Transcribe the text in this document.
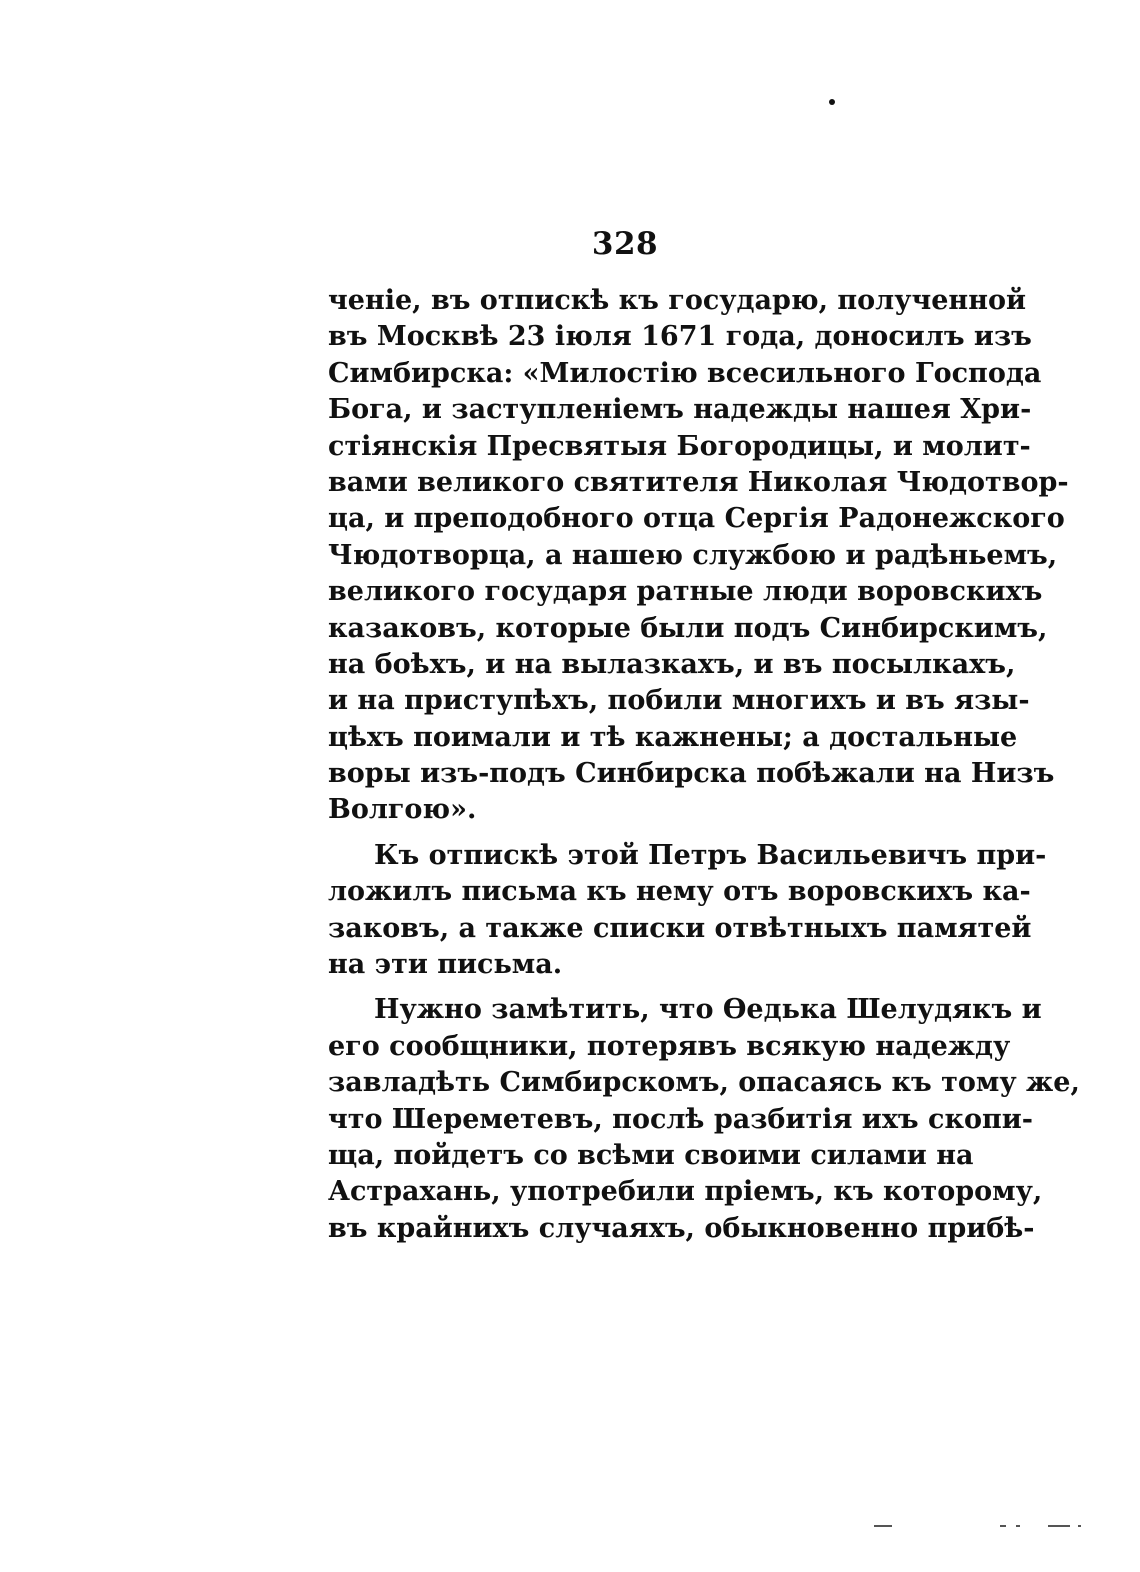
328
ченіе, въ отпискѣ къ государю, полученной
въ Москвѣ 23 іюля 1671 года, доносилъ изъ
Симбирска: «Милостію всесильного Господа
Бога, и заступленіемъ надежды нашея Хри-
стіянскія Пресвятыя Богородицы, и молит-
вами великого святителя Николая Чюдотвор-
ца, и преподобного отца Сергія Радонежского
Чюдотворца, а нашею службою и радѣньемъ,
великого государя ратные люди воровскихъ
казаковъ, которые были подъ Синбирскимъ,
на боѣхъ, и на вылазкахъ, и въ посылкахъ,
и на приступѣхъ, побили многихъ и въ язы-
цѣхъ поимали и тѣ кажнены; а достальные
воры изъ-подъ Синбирска побѣжали на Низъ
Волгою».
Къ отпискѣ этой Петръ Васильевичъ при-
ложилъ письма къ нему отъ воровскихъ ка-
заковъ, а также списки отвѣтныхъ памятей
на эти письма.
Нужно замѣтить, что Ѳедька Шелудякъ и
его сообщники, потерявъ всякую надежду
завладѣть Симбирскомъ, опасаясь къ тому же,
что Шереметевъ, послѣ разбитія ихъ скопи-
ща, пойдетъ со всѣми своими силами на
Астрахань, употребили пріемъ, къ которому,
въ крайнихъ случаяхъ, обыкновенно прибѣ-
